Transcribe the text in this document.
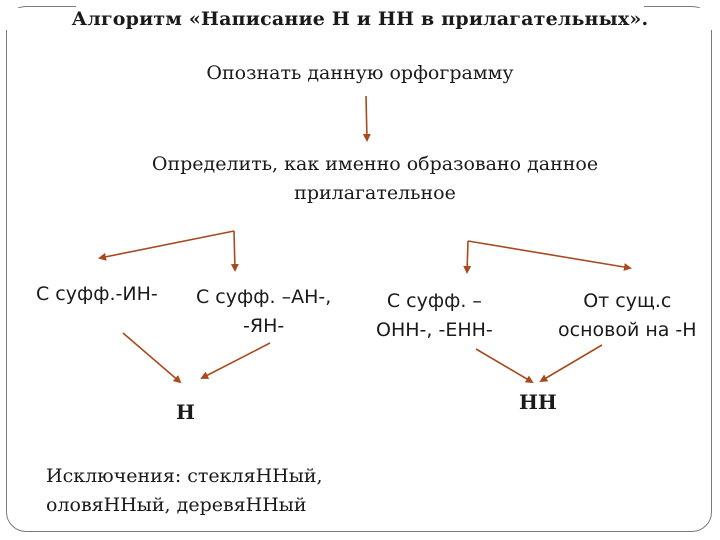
Алгоритм «Написание Н и НН в прилагательных».
Опознать данную орфограмму
Определить, как именно образовано данное
прилагательное
С суфф.-ИН- С суфф. –АН-,
-ЯН-
С суфф. –
ОНН-, -ЕНН-
От сущ.с
основой на -Н
Н	НН
Исключения: стекляННый,
оловяННый, деревяННый
